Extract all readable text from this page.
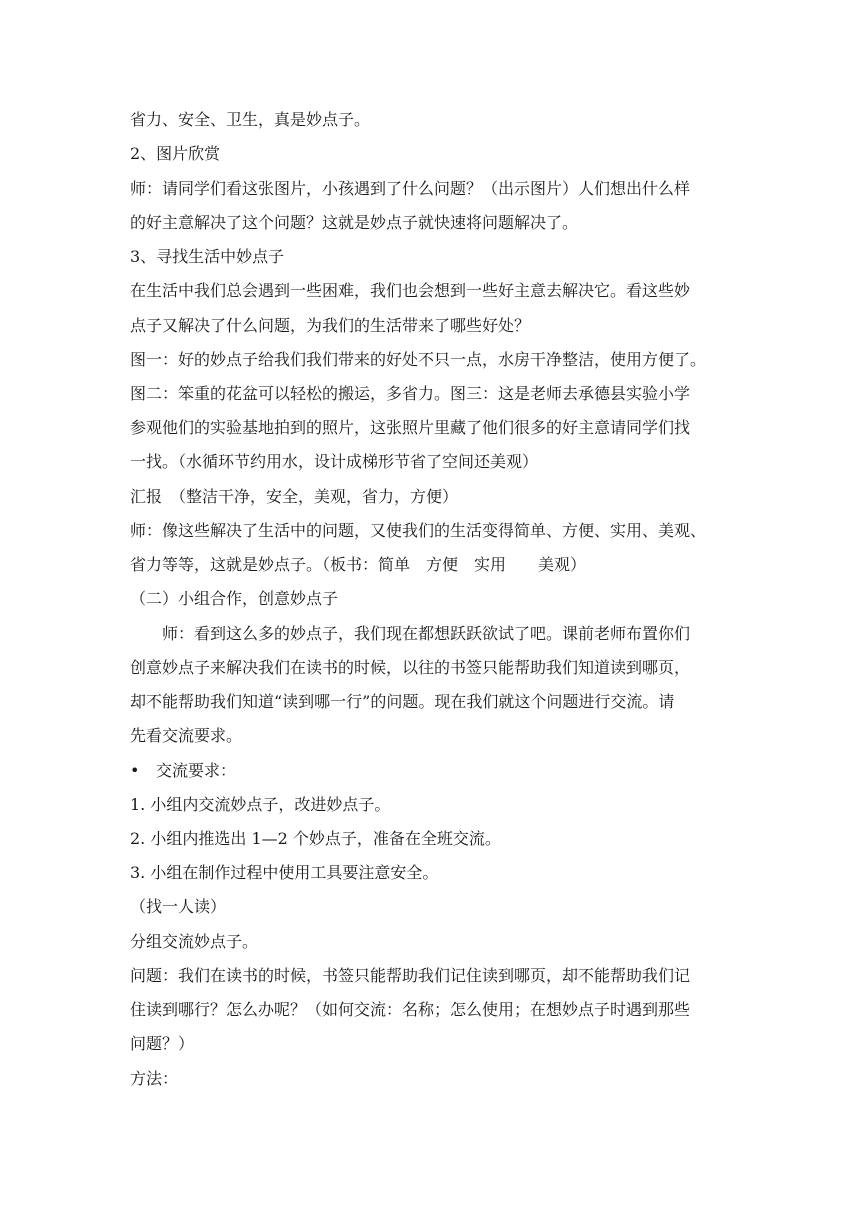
省力、安全、卫生，真是妙点子。
2、图片欣赏
师：请同学们看这张图片，小孩遇到了什么问题？（出示图片）人们想出什么样
的好主意解决了这个问题？这就是妙点子就快速将问题解决了。
3、寻找生活中妙点子
在生活中我们总会遇到一些困难，我们也会想到一些好主意去解决它。看这些妙
点子又解决了什么问题，为我们的生活带来了哪些好处？
图一：好的妙点子给我们我们带来的好处不只一点，水房干净整洁，使用方便了。
图二：笨重的花盆可以轻松的搬运，多省力。图三：这是老师去承德县实验小学
参观他们的实验基地拍到的照片，这张照片里藏了他们很多的好主意请同学们找
一找。（水循环节约用水，设计成梯形节省了空间还美观）
汇报　（整洁干净，安全，美观，省力，方便）
师：像这些解决了生活中的问题，又使我们的生活变得简单、方便、实用、美观、
省力等等，这就是妙点子。（板书：简单　方便　实用　　美观）
（二）小组合作，创意妙点子
师：看到这么多的妙点子，我们现在都想跃跃欲试了吧。课前老师布置你们
创意妙点子来解决我们在读书的时候，以往的书签只能帮助我们知道读到哪页，
却不能帮助我们知道“读到哪一行”的问题。现在我们就这个问题进行交流。请
先看交流要求。
• 交流要求：
1. 小组内交流妙点子，改进妙点子。
2. 小组内推选出 1—2 个妙点子，准备在全班交流。
3. 小组在制作过程中使用工具要注意安全。
（找一人读）
分组交流妙点子。
问题：我们在读书的时候，书签只能帮助我们记住读到哪页，却不能帮助我们记
住读到哪行？怎么办呢？（如何交流：名称；怎么使用；在想妙点子时遇到那些
问题？）
方法：
